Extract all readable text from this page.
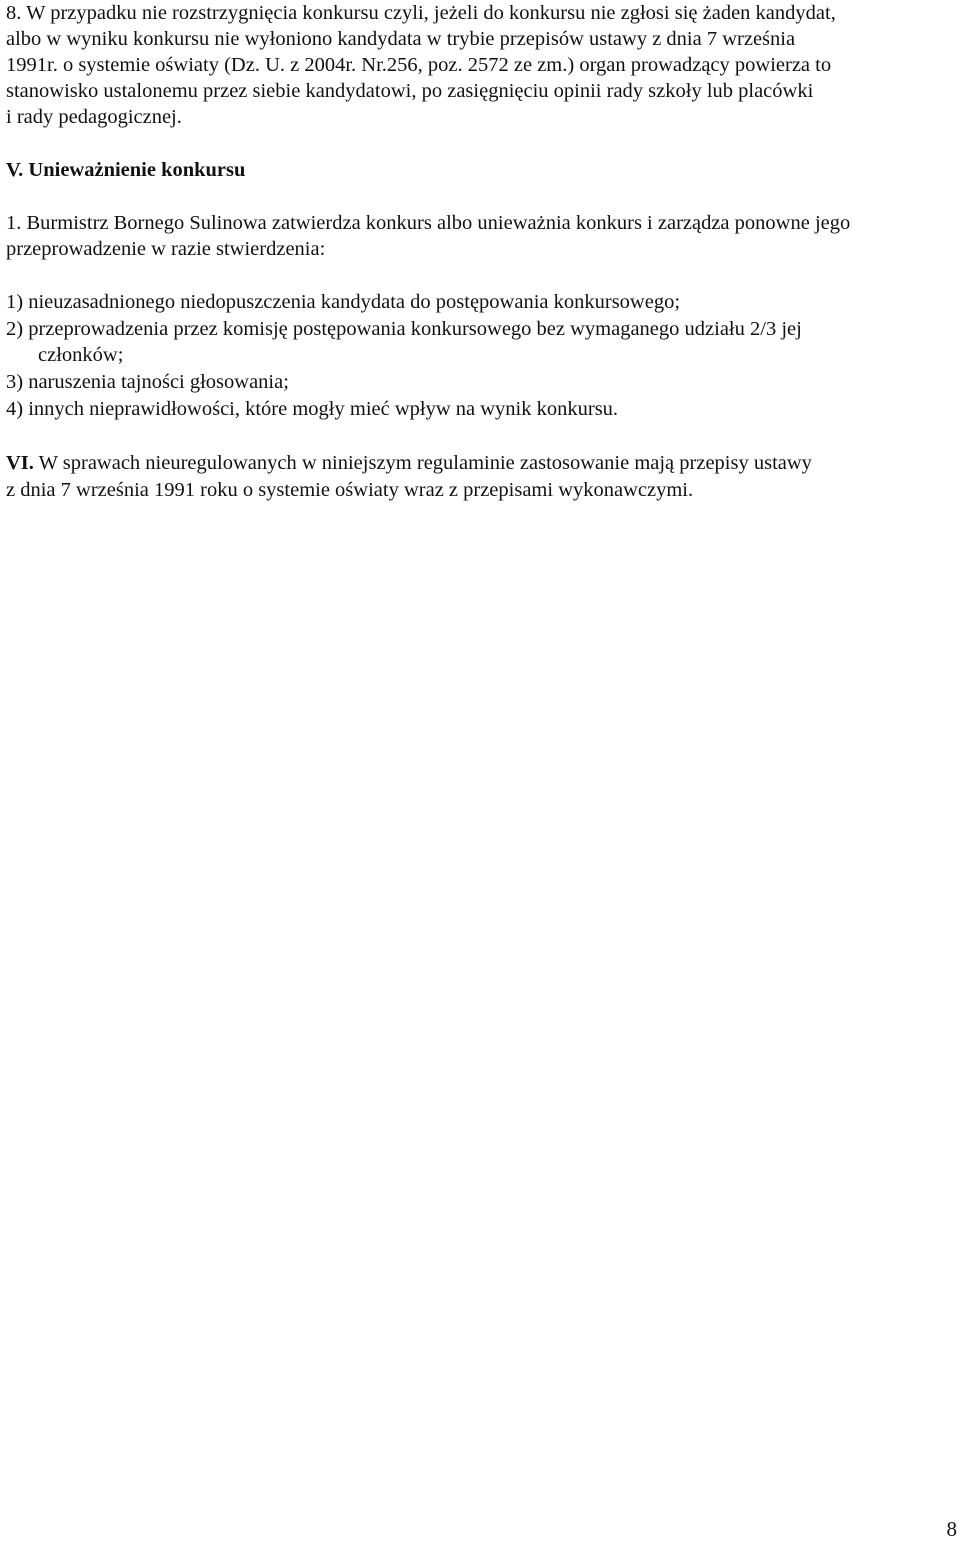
8. W przypadku nie rozstrzygnięcia konkursu czyli, jeżeli do konkursu nie zgłosi się żaden kandydat,
albo w wyniku konkursu nie wyłoniono kandydata w trybie przepisów ustawy z dnia 7 września
1991r. o systemie oświaty (Dz. U. z 2004r. Nr.256, poz. 2572 ze zm.) organ prowadzący powierza to
stanowisko ustalonemu przez siebie kandydatowi, po zasięgnięciu opinii rady szkoły lub placówki
i rady pedagogicznej.
V. Unieważnienie konkursu
1. Burmistrz Bornego Sulinowa zatwierdza konkurs albo unieważnia konkurs i zarządza ponowne jego
przeprowadzenie w razie stwierdzenia:
1) nieuzasadnionego niedopuszczenia kandydata do postępowania konkursowego;
2) przeprowadzenia przez komisję postępowania konkursowego bez wymaganego udziału 2/3 jej
członków;
3) naruszenia tajności głosowania;
4) innych nieprawidłowości, które mogły mieć wpływ na wynik konkursu.
VI. W sprawach nieuregulowanych w niniejszym regulaminie zastosowanie mają przepisy ustawy
z dnia 7 września 1991 roku o systemie oświaty wraz z przepisami wykonawczymi.
8
